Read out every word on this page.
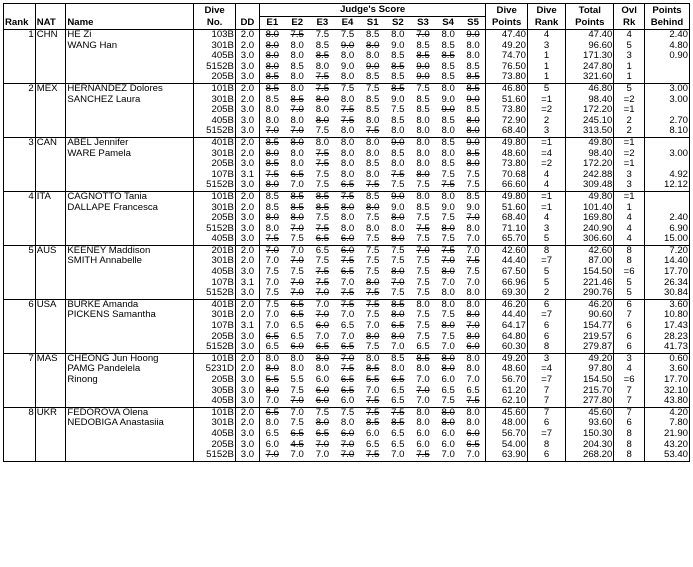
Rank	NAT	Name	Dive	DD	Judge's Score									Dive	Dive	Total	Ovl	Points
			No.		E1	E2	E3	E4	S1	S2	S3	S4	S5	Points	Rank	Points	Rk	Behind
1	CHN	HE Zi	103B	2.0	8.0	7.5	7.5	7.5	8.5	8.0	7.0	8.0	9.0	47.40	4	47.40	4	2.40
		WANG Han	301B	2.0	8.0	8.0	8.5	9.0	8.0	9.0	8.5	8.5	8.0	49.20	3	96.60	5	4.80
			405B	3.0	8.0	8.0	8.5	8.0	8.0	8.5	8.5	8.5	8.0	74.70	1	171.30	3	0.90
			5152B	3.0	8.0	8.5	8.0	9.0	9.0	8.5	9.0	8.5	8.5	76.50	1	247.80	1	
			205B	3.0	8.5	8.0	7.5	8.0	8.5	8.5	9.0	8.5	8.5	73.80	1	321.60	1	
2	MEX	HERNANDEZ Dolores	101B	2.0	8.5	8.0	7.5	7.5	7.5	8.5	7.5	8.0	8.5	46.80	5	46.80	5	3.00
		SANCHEZ Laura	301B	2.0	8.5	8.5	8.0	8.0	8.5	9.0	8.5	9.0	9.0	51.60	=1	98.40	=2	3.00
			205B	3.0	8.0	7.0	8.0	7.5	8.5	7.5	8.5	9.0	8.5	73.80	=2	172.20	=1	
			405B	3.0	8.0	8.0	8.0	7.5	8.0	8.5	8.0	8.5	8.0	72.90	2	245.10	2	2.70
			5152B	3.0	7.0	7.0	7.5	8.0	7.5	8.0	8.0	8.0	8.0	68.40	3	313.50	2	8.10
3	CAN	ABEL Jennifer	401B	2.0	8.5	8.0	8.0	8.0	8.0	9.0	8.0	8.5	9.0	49.80	=1	49.80	=1	
		WARE Pamela	301B	2.0	8.0	8.0	7.5	8.0	8.0	8.5	8.0	8.0	8.5	48.60	=4	98.40	=2	3.00
			205B	3.0	8.5	8.0	7.5	8.0	8.5	8.0	8.0	8.5	8.0	73.80	=2	172.20	=1	
			107B	3.1	7.5	6.5	7.5	8.0	8.0	7.5	8.0	7.5	7.5	70.68	4	242.88	3	4.92
			5152B	3.0	8.0	7.0	7.5	6.5	7.5	7.5	7.5	7.5	7.5	66.60	4	309.48	3	12.12
4	ITA	CAGNOTTO Tania	101B	2.0	8.5	8.5	8.5	7.5	8.5	9.0	8.0	8.0	8.5	49.80	=1	49.80	=1	
		DALLAPE Francesca	301B	2.0	8.5	8.5	8.5	8.0	8.0	9.0	8.5	9.0	9.0	51.60	=1	101.40	1	
			205B	3.0	8.0	8.0	7.5	8.0	7.5	8.0	7.5	7.5	7.0	68.40	4	169.80	4	2.40
			5152B	3.0	8.0	7.0	7.5	8.0	8.0	8.0	7.5	8.0	8.0	71.10	3	240.90	4	6.90
			405B	3.0	7.5	7.5	6.5	6.0	7.5	8.0	7.5	7.5	7.0	65.70	5	306.60	4	15.00
5	AUS	KEENEY Maddison	201B	2.0	7.0	7.0	6.5	6.0	7.5	7.5	7.0	7.5	7.0	42.60	8	42.60	8	7.20
		SMITH Annabelle	301B	2.0	7.0	7.0	7.5	7.5	7.5	7.5	7.5	7.0	7.5	44.40	=7	87.00	8	14.40
			405B	3.0	7.5	7.5	7.5	6.5	7.5	8.0	7.5	8.0	7.5	67.50	5	154.50	=6	17.70
			107B	3.1	7.0	7.0	7.5	7.0	8.0	7.0	7.5	7.0	7.0	66.96	5	221.46	5	26.34
			5152B	3.0	7.5	7.0	7.0	7.5	7.5	7.5	7.5	8.0	8.0	69.30	2	290.76	5	30.84
6	USA	BURKE Amanda	401B	2.0	7.5	6.5	7.0	7.5	7.5	8.5	8.0	8.0	8.0	46.20	6	46.20	6	3.60
		PICKENS Samantha	301B	2.0	7.0	6.5	7.0	7.0	7.5	8.0	7.5	7.5	8.0	44.40	=7	90.60	7	10.80
			107B	3.1	7.0	6.5	6.0	6.5	7.0	6.5	7.5	8.0	7.0	64.17	6	154.77	6	17.43
			205B	3.0	6.5	6.5	7.0	7.0	8.0	8.0	7.5	7.5	8.0	64.80	6	219.57	6	28.23
			5152B	3.0	6.5	6.0	6.5	6.5	7.5	7.0	6.5	7.0	6.0	60.30	8	279.87	6	41.73
7	MAS	CHEONG Jun Hoong	101B	2.0	8.0	8.0	8.0	7.0	8.0	8.5	8.5	8.0	8.0	49.20	3	49.20	3	0.60
		PAMG Pandelela	5231D	2.0	8.0	8.0	8.0	7.5	8.5	8.0	8.0	8.0	8.0	48.60	=4	97.80	4	3.60
		Rinong	205B	3.0	5.5	5.5	6.0	6.5	5.5	6.5	7.0	6.0	7.0	56.70	=7	154.50	=6	17.70
			305B	3.0	8.0	7.5	6.0	6.5	7.0	6.5	7.0	6.5	6.5	61.20	7	215.70	7	32.10
			405B	3.0	7.0	7.0	6.0	6.0	7.5	6.5	7.0	7.5	7.5	62.10	7	277.80	7	43.80
8	UKR	FEDOROVA Olena	101B	2.0	6.5	7.0	7.5	7.5	7.5	7.5	8.0	8.0	8.0	45.60	7	45.60	7	4.20
		NEDOBIGA Anastasiia	301B	2.0	8.0	7.5	8.0	8.0	8.5	8.5	8.0	8.0	8.0	48.00	6	93.60	6	7.80
			405B	3.0	6.5	6.5	6.5	6.0	6.0	6.5	6.0	6.0	6.0	56.70	=7	150.30	8	21.90
			205B	3.0	6.0	4.5	7.0	7.0	6.5	6.5	6.0	6.0	6.5	54.00	8	204.30	8	43.20
			5152B	3.0	7.0	7.0	7.0	7.0	7.5	7.0	7.5	7.0	7.0	63.90	6	268.20	8	53.40
